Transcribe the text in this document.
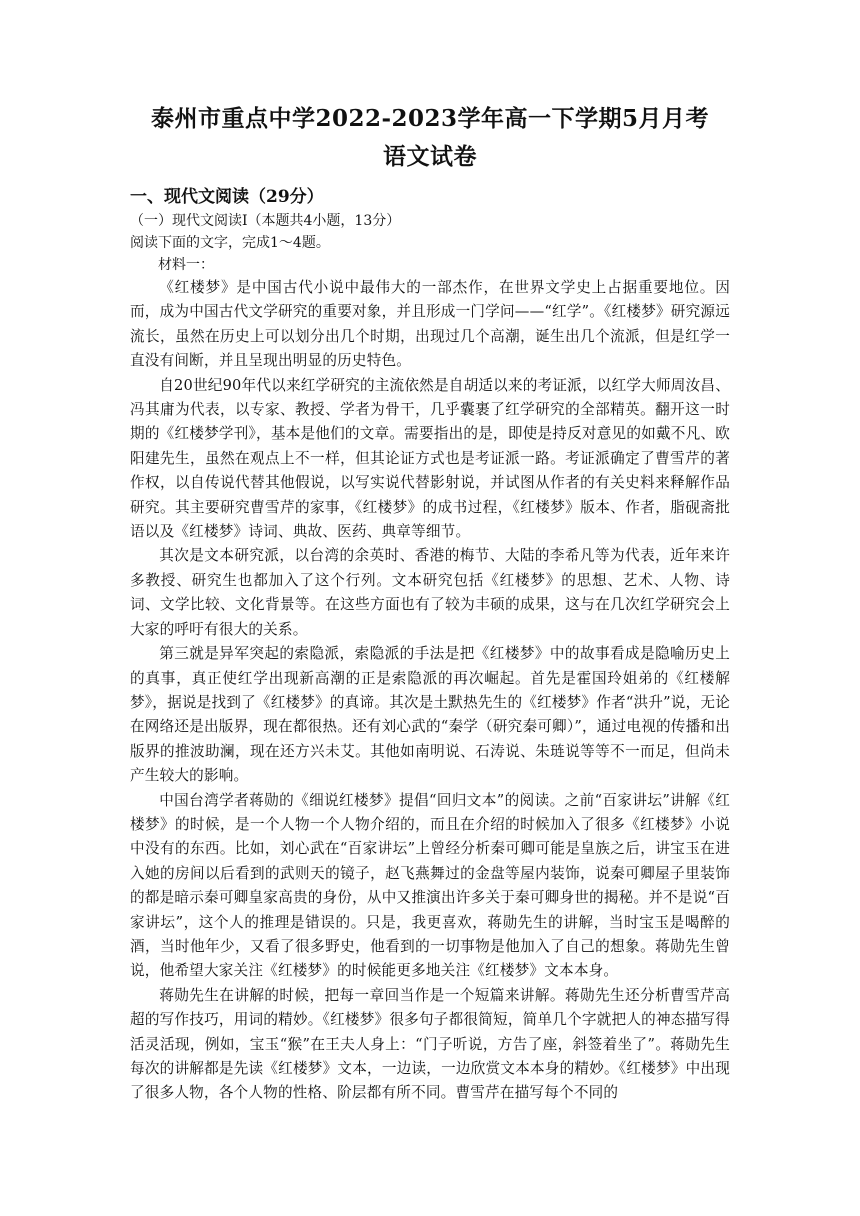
泰州市重点中学2022-2023学年高一下学期5月月考
语文试卷

一、现代文阅读（29分）

（一）现代文阅读Ⅰ（本题共4小题，13分）

阅读下面的文字，完成1～4题。

材料一：

《红楼梦》是中国古代小说中最伟大的一部杰作，在世界文学史上占据重要地位。因而，成为中国古代文学研究的重要对象，并且形成一门学问——“红学”。《红楼梦》研究源远流长，虽然在历史上可以划分出几个时期，出现过几个高潮，诞生出几个流派，但是红学一直没有间断，并且呈现出明显的历史特色。

自20世纪90年代以来红学研究的主流依然是自胡适以来的考证派，以红学大师周汝昌、冯其庸为代表，以专家、教授、学者为骨干，几乎囊裹了红学研究的全部精英。翻开这一时期的《红楼梦学刊》，基本是他们的文章。需要指出的是，即使是持反对意见的如戴不凡、欧阳建先生，虽然在观点上不一样，但其论证方式也是考证派一路。考证派确定了曹雪芹的著作权，以自传说代替其他假说，以写实说代替影射说，并试图从作者的有关史料来释解作品研究。其主要研究曹雪芹的家事，《红楼梦》的成书过程，《红楼梦》版本、作者，脂砚斋批语以及《红楼梦》诗词、典故、医药、典章等细节。

其次是文本研究派，以台湾的余英时、香港的梅节、大陆的李希凡等为代表，近年来许多教授、研究生也都加入了这个行列。文本研究包括《红楼梦》的思想、艺术、人物、诗词、文学比较、文化背景等。在这些方面也有了较为丰硕的成果，这与在几次红学研究会上大家的呼吁有很大的关系。

第三就是异军突起的索隐派，索隐派的手法是把《红楼梦》中的故事看成是隐喻历史上的真事，真正使红学出现新高潮的正是索隐派的再次崛起。首先是霍国玲姐弟的《红楼解梦》，据说是找到了《红楼梦》的真谛。其次是土默热先生的《红楼梦》作者“洪升”说，无论在网络还是出版界，现在都很热。还有刘心武的“秦学（研究秦可卿）”，通过电视的传播和出版界的推波助澜，现在还方兴未艾。其他如南明说、石涛说、朱琏说等等不一而足，但尚未产生较大的影响。

中国台湾学者蒋勋的《细说红楼梦》提倡“回归文本”的阅读。之前“百家讲坛”讲解《红楼梦》的时候，是一个人物一个人物介绍的，而且在介绍的时候加入了很多《红楼梦》小说中没有的东西。比如，刘心武在“百家讲坛”上曾经分析秦可卿可能是皇族之后，讲宝玉在进入她的房间以后看到的武则天的镜子，赵飞燕舞过的金盘等屋内装饰，说秦可卿屋子里装饰的都是暗示秦可卿皇家高贵的身份，从中又推演出许多关于秦可卿身世的揭秘。并不是说“百家讲坛”，这个人的推理是错误的。只是，我更喜欢，蒋勋先生的讲解，当时宝玉是喝醉的酒，当时他年少，又看了很多野史，他看到的一切事物是他加入了自己的想象。蒋勋先生曾说，他希望大家关注《红楼梦》的时候能更多地关注《红楼梦》文本本身。

蒋勋先生在讲解的时候，把每一章回当作是一个短篇来讲解。蒋勋先生还分析曹雪芹高超的写作技巧，用词的精妙。《红楼梦》很多句子都很简短，简单几个字就把人的神态描写得活灵活现，例如，宝玉“猴”在王夫人身上：“门子听说，方告了座，斜签着坐了”。蒋勋先生每次的讲解都是先读《红楼梦》文本，一边读，一边欣赏文本本身的精妙。《红楼梦》中出现了很多人物，各个人物的性格、阶层都有所不同。曹雪芹在描写每个不同的
